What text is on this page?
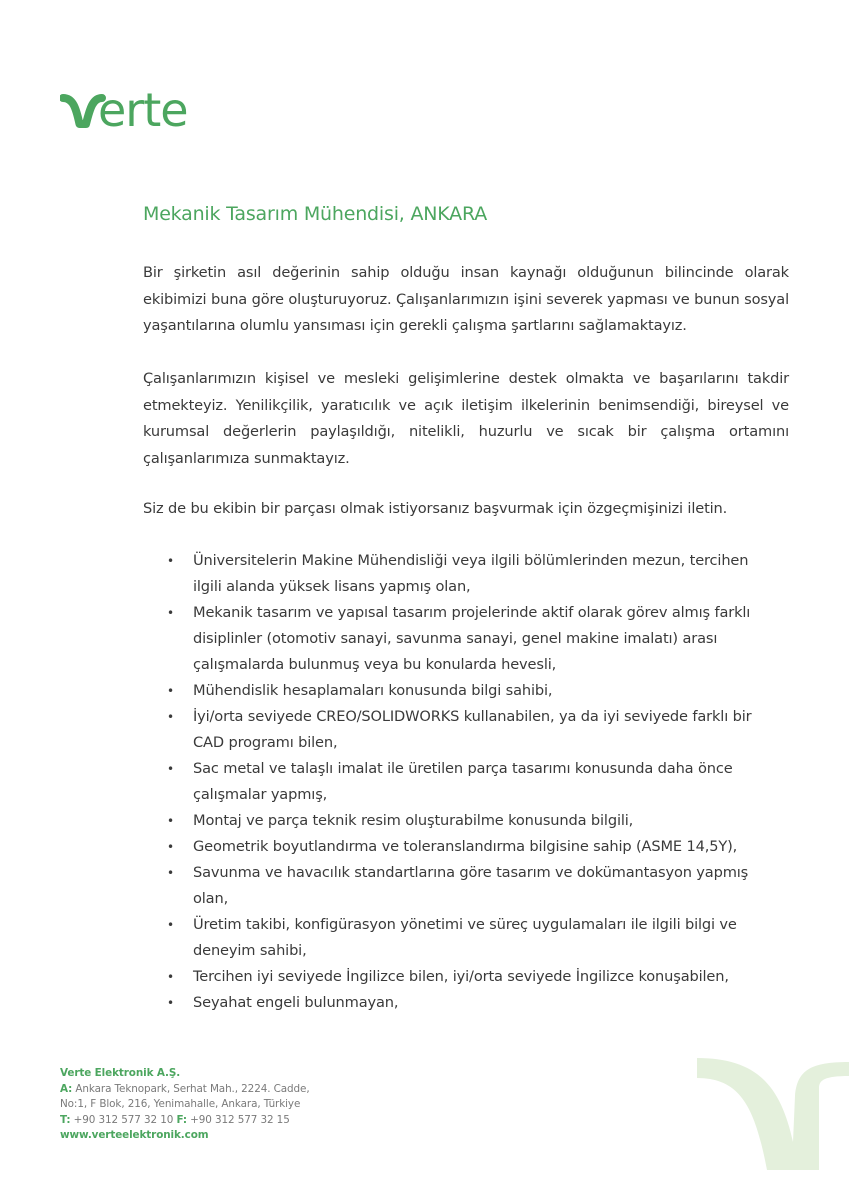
erte
Mekanik Tasarım Mühendisi, ANKARA

Bir şirketin asıl değerinin sahip olduğu insan kaynağı olduğunun bilincinde olarak ekibimizi buna göre oluşturuyoruz. Çalışanlarımızın işini severek yapması ve bunun sosyal yaşantılarına olumlu yansıması için gerekli çalışma şartlarını sağlamaktayız.

Çalışanlarımızın kişisel ve mesleki gelişimlerine destek olmakta ve başarılarını takdir etmekteyiz. Yenilikçilik, yaratıcılık ve açık iletişim ilkelerinin benimsendiği, bireysel ve kurumsal değerlerin paylaşıldığı, nitelikli, huzurlu ve sıcak bir çalışma ortamını çalışanlarımıza sunmaktayız.

Siz de bu ekibin bir parçası olmak istiyorsanız başvurmak için özgeçmişinizi iletin.

• Üniversitelerin Makine Mühendisliği veya ilgili bölümlerinden mezun, tercihen
ilgili alanda yüksek lisans yapmış olan,
• Mekanik tasarım ve yapısal tasarım projelerinde aktif olarak görev almış farklı
disiplinler (otomotiv sanayi, savunma sanayi, genel makine imalatı) arası
çalışmalarda bulunmuş veya bu konularda hevesli,
• Mühendislik hesaplamaları konusunda bilgi sahibi,
• İyi/orta seviyede CREO/SOLIDWORKS kullanabilen, ya da iyi seviyede farklı bir
CAD programı bilen,
• Sac metal ve talaşlı imalat ile üretilen parça tasarımı konusunda daha önce
çalışmalar yapmış,
• Montaj ve parça teknik resim oluşturabilme konusunda bilgili,
• Geometrik boyutlandırma ve toleranslandırma bilgisine sahip (ASME 14,5Y),
• Savunma ve havacılık standartlarına göre tasarım ve dokümantasyon yapmış
olan,
• Üretim takibi, konfigürasyon yönetimi ve süreç uygulamaları ile ilgili bilgi ve
deneyim sahibi,
• Tercihen iyi seviyede İngilizce bilen, iyi/orta seviyede İngilizce konuşabilen,
• Seyahat engeli bulunmayan,
Verte Elektronik A.Ş.
A: Ankara Teknopark, Serhat Mah., 2224. Cadde,
No:1, F Blok, 216, Yenimahalle, Ankara, Türkiye
T: +90 312 577 32 10 F: +90 312 577 32 15
www.verteelektronik.com
